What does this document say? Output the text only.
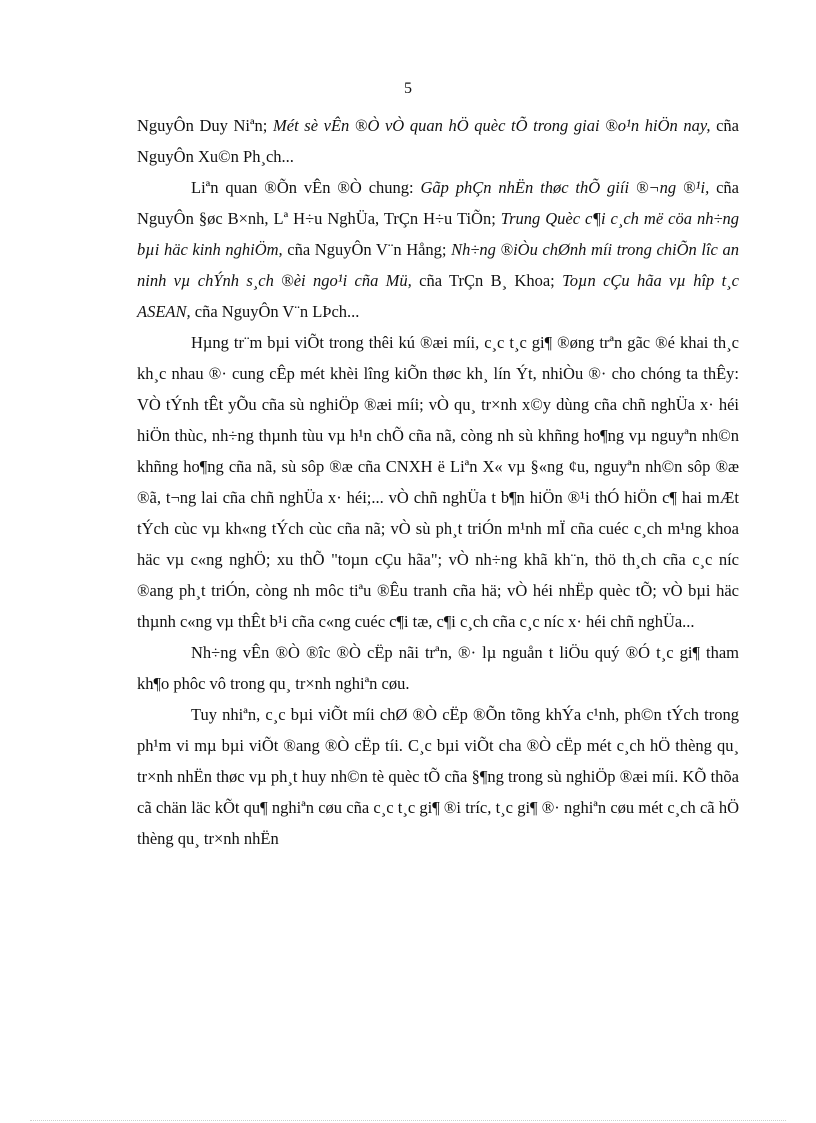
5

NguyÔn Duy Niªn; Mét sè vÊn ®Ò vÒ quan hÖ quèc tÕ trong giai ®o¹n hiÖn nay, cña NguyÔn Xu©n Ph¸ch...

Liªn quan ®Õn vÊn ®Ò chung: Gãp phÇn nhËn thøc thÕ giíi ®¬ng ®¹i, cña NguyÔn §øc B×nh, Lª H÷u NghÜa, TrÇn H÷u TiÕn; Trung Quèc c¶i c¸ch më cöa nh÷ng bµi häc kinh nghiÖm, cña NguyÔn V¨n Hång; Nh÷ng ®iÒu chØnh míi trong chiÕn lîc an ninh vµ chÝnh s¸ch ®èi ngo¹i cña Mü, cña TrÇn B¸ Khoa; Toµn cÇu hãa vµ hîp t¸c ASEAN, cña NguyÔn V¨n LÞch...

Hµng tr¨m bµi viÕt trong thêi kú ®æi míi, c¸c t¸c gi¶ ®øng trªn gãc ®é khai th¸c kh¸c nhau ®· cung cÊp mét khèi lîng kiÕn thøc kh¸ lín Ýt, nhiÒu ®· cho chóng ta thÊy: VÒ tÝnh tÊt yÕu cña sù nghiÖp ®æi míi; vÒ qu¸ tr×nh x©y dùng cña chñ nghÜa x· héi hiÖn thùc, nh÷ng thµnh tùu vµ h¹n chÕ cña nã, còng nh sù khñng ho¶ng vµ nguyªn nh©n khñng ho¶ng cña nã, sù sôp ®æ cña CNXH ë Liªn X« vµ §«ng ¢u, nguyªn nh©n sôp ®æ ®ã, t¬ng lai cña chñ nghÜa x· héi;... vÒ chñ nghÜa t b¶n hiÖn ®¹i thÓ hiÖn c¶ hai mÆt tÝch cùc vµ kh«ng tÝch cùc cña nã; vÒ sù ph¸t triÓn m¹nh mÏ cña cuéc c¸ch m¹ng khoa häc vµ c«ng nghÖ; xu thÕ "toµn cÇu hãa"; vÒ nh÷ng khã kh¨n, thö th¸ch cña c¸c níc ®ang ph¸t triÓn, còng nh môc tiªu ®Êu tranh cña hä; vÒ héi nhËp quèc tÕ; vÒ bµi häc thµnh c«ng vµ thÊt b¹i cña c«ng cuéc c¶i tæ, c¶i c¸ch cña c¸c níc x· héi chñ nghÜa...

Nh÷ng vÊn ®Ò ®îc ®Ò cËp nãi trªn, ®· lµ nguån t liÖu quý ®Ó t¸c gi¶ tham kh¶o phôc vô trong qu¸ tr×nh nghiªn cøu.

Tuy nhiªn, c¸c bµi viÕt míi chØ ®Ò cËp ®Õn tõng khÝa c¹nh, ph©n tÝch trong ph¹m vi mµ bµi viÕt ®ang ®Ò cËp tíi. C¸c bµi viÕt cha ®Ò cËp mét c¸ch hÖ thèng qu¸ tr×nh nhËn thøc vµ ph¸t huy nh©n tè quèc tÕ cña §¶ng trong sù nghiÖp ®æi míi. KÕ thõa cã chän läc kÕt qu¶ nghiªn cøu cña c¸c t¸c gi¶ ®i tríc, t¸c gi¶ ®· nghiªn cøu mét c¸ch cã hÖ thèng qu¸ tr×nh nhËn
